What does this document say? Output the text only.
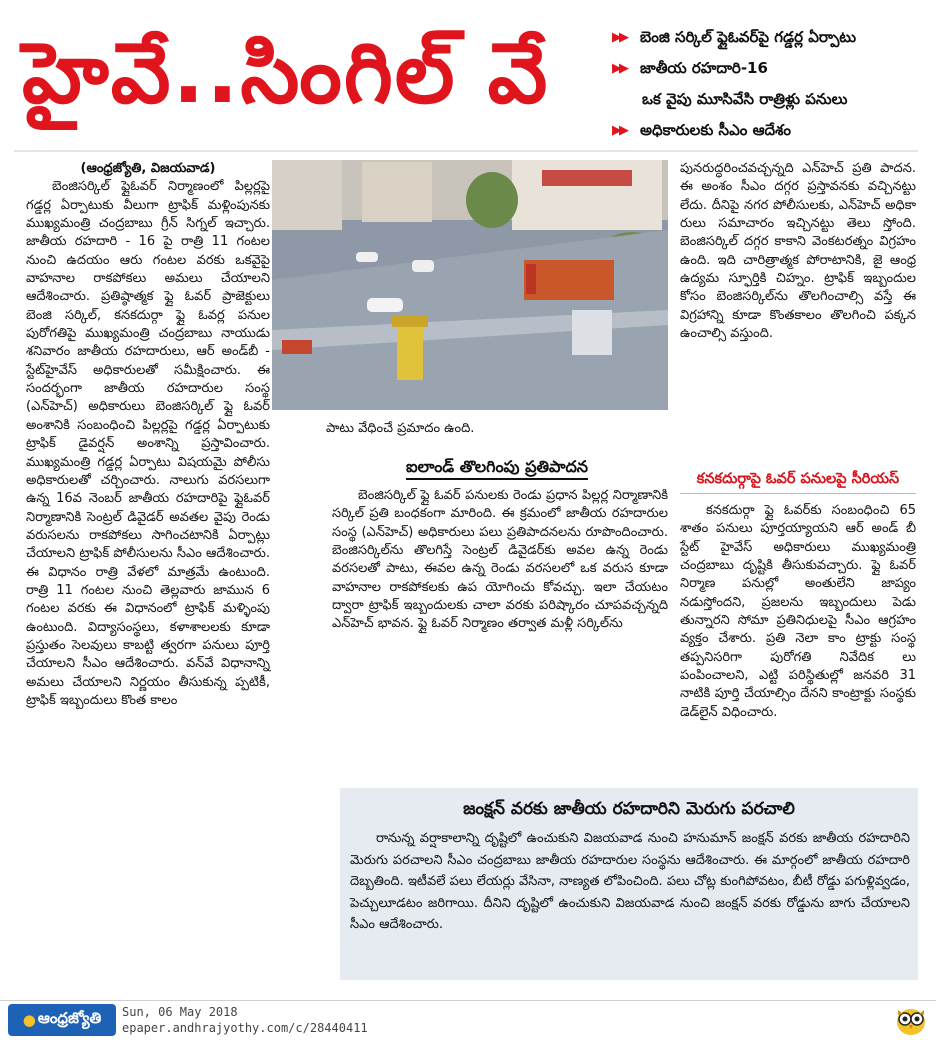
హైవే..సింగిల్‌ వే	▶▶ బెంజి సర్కిల్‌ ఫ్లైఓవర్‌పై గడ్డర్ల ఏర్పాటు
▶▶ జాతీయ రహదారి-16
ఒక వైపు మూసివేసి రాత్రిళ్లు పనులు
▶▶ అధికారులకు సీఎం ఆదేశం
(ఆంధ్రజ్యోతి, విజయవాడ)

బెంజిసర్కిల్‌ ఫ్లైఓవర్‌ నిర్మాణంలో పిల్లర్లపై గడ్డర్ల ఏర్పాటుకు వీలుగా ట్రాఫిక్‌ మళ్లింపునకు ముఖ్యమంత్రి చంద్రబాబు గ్రీన్‌ సిగ్నల్‌ ఇచ్చారు. జాతీయ రహదారి - 16 పై రాత్రి 11 గంటల నుంచి ఉదయం ఆరు గంటల వరకు ఒకవైపై వాహనాల రాకపోకలు అమలు చేయాలని ఆదేశించారు. ప్రతిష్ఠాత్మక ఫ్లై ఓవర్‌ ప్రాజెక్టులు బెంజి సర్కిల్‌, కనకదుర్గా ఫ్లై ఓవర్ల పనుల పురోగతిపై ముఖ్యమంత్రి చంద్రబాబు నాయుడు శనివారం జాతీయ రహదారులు, ఆర్‌ అండ్‌బీ - స్టేట్‌హైవేస్‌ అధికారులతో సమీక్షించారు. ఈ సందర్భంగా జాతీయ రహదారుల సంస్థ (ఎన్‌హెచ్‌) అధికారులు బెంజిసర్కిల్‌ ఫ్లై ఓవర్‌ అంశానికి సంబంధించి పిల్లర్లపై గడ్డర్ల ఏర్పాటుకు ట్రాఫిక్‌ డైవర్షన్‌ అంశాన్ని ప్రస్తావించారు. ముఖ్యమంత్రి గడ్డర్ల ఏర్పాటు విషయమై పోలీసు అధికారులతో చర్చించారు. నాలుగు వరసలుగా ఉన్న 16వ నెంబర్‌ జాతీయ రహదారిపై ఫ్లైఓవర్‌ నిర్మాణానికి సెంట్రల్‌ డివైడర్‌ అవతల వైపు రెండు వరుసలను రాకపోకలు సాగించటానికి ఏర్పాట్లు చేయాలని ట్రాఫిక్‌ పోలీసులను సీఎం ఆదేశించారు. ఈ విధానం రాత్రి వేళలో మాత్రమే ఉంటుంది. రాత్రి 11 గంటల నుంచి తెల్లవారు జామున 6 గంటల వరకు ఈ విధానంలో ట్రాఫిక్‌ మళ్ళింపు ఉంటుంది. విద్యాసంస్థలు, కళాశాలలకు కూడా ప్రస్తుతం సెలవులు కాబట్టి త్వరగా పనులు పూర్తి చేయాలని సీఎం ఆదేశించారు. వన్‌వే విధానాన్ని అమలు చేయాలని నిర్ణయం తీసుకున్న ప్పటికీ, ట్రాఫిక్‌ ఇబ్బందులు కొంత కాలం

పాటు వేధించే ప్రమాదం ఉంది.

ఐలాండ్‌ తొలగింపు ప్రతిపాదన

బెంజిసర్కిల్‌ ఫ్లై ఓవర్‌ పనులకు రెండు ప్రధాన పిల్లర్ల నిర్మాణానికి సర్కిల్‌ ప్రతి బంధకంగా మారింది. ఈ క్రమంలో జాతీయ రహదారుల సంస్థ (ఎన్‌హెచ్‌) అధికారులు పలు ప్రతిపాదనలను రూపొందించారు. బెంజిసర్కిల్‌ను తొలగిస్తే సెంట్రల్‌ డివైడర్‌కు అవల ఉన్న రెండు వరసలతో పాటు, ఈవల ఉన్న రెండు వరసలలో ఒక వరుస కూడా వాహనాల రాకపోకలకు ఉప యోగించు కోవచ్చు. ఇలా చేయటం ద్వారా ట్రాఫిక్‌ ఇబ్బందులకు చాలా వరకు పరిష్కారం చూపవచ్చన్నది ఎన్‌హెచ్‌ భావన. ఫ్లై ఓవర్‌ నిర్మాణం తర్వాత మళ్లీ సర్కిల్‌ను

పునరుద్ధరించవచ్చన్నది ఎన్‌హెచ్‌ ప్రతి పాదన. ఈ అంశం సీఎం దగ్గర ప్రస్తావనకు వచ్చినట్టు లేదు. దీనిపై నగర పోలీసులకు, ఎన్‌హెచ్‌ అధికా రులు సమాచారం ఇచ్చినట్టు తెలు స్తోంది. బెంజిసర్కిల్‌ దగ్గర కాకాని వెంకటరత్నం విగ్రహం ఉంది. ఇది చారిత్రాత్మక పోరాటానికి, జై ఆంధ్ర ఉద్యమ స్ఫూర్తికి చిహ్నం. ట్రాఫిక్‌ ఇబ్బందుల కోసం బెంజిసర్కిల్‌ను తొలగించాల్సి వస్తే ఈ విగ్రహాన్ని కూడా కొంతకాలం తొలగించి పక్కన ఉంచాల్సి వస్తుంది.

కనకదుర్గాపై ఓవర్‌ పనులపై సీరియస్‌

కనకదుర్గా ఫ్లై ఓవర్‌కు సంబంధించి 65 శాతం పనులు పూర్తయ్యాయని ఆర్‌ అండ్‌ బీ స్టేట్‌ హైవేస్‌ అధికారులు ముఖ్యమంత్రి చంద్రబాబు దృష్టికి తీసుకువచ్చారు. ఫ్లై ఓవర్‌ నిర్మాణ పనుల్లో అంతులేని జాప్యం నడుస్తోందని, ప్రజలను ఇబ్బందులు పెడు తున్నారని సోమా ప్రతినిధులపై సీఎం ఆగ్రహం వ్యక్తం చేశారు. ప్రతి నెలా కాం ట్రాక్టు సంస్థ తప్పనిసరిగా పురోగతి నివేదిక లు పంపించాలని, ఎట్టి పరిస్థితుల్లో జనవరి 31 నాటికి పూర్తి చేయాల్సిం దేనని కాంట్రాక్టు సంస్థకు డెడ్‌లైన్‌ విధించారు.

జంక్షన్‌ వరకు జాతీయ రహదారిని మెరుగు పరచాలి

రానున్న వర్షాకాలాన్ని దృష్టిలో ఉంచుకుని విజయవాడ నుంచి హనుమాన్‌ జంక్షన్‌ వరకు జాతీయ రహదారిని మెరుగు పరచాలని సీఎం చంద్రబాబు జాతీయ రహదారుల సంస్థను ఆదేశించారు. ఈ మార్గంలో జాతీయ రహదారి దెబ్బతింది. ఇటీవలే పలు లేయర్లు వేసినా, నాణ్యత లోపించింది. పలు చోట్ల కుంగిపోవటం, బీటీ రోడ్డు పగుళ్లివ్వడం, పెచ్చులూడటం జరిగాయి. దీనిని దృష్టిలో ఉంచుకుని విజయవాడ నుంచి జంక్షన్‌ వరకు రోడ్డును బాగు చేయాలని సీఎం ఆదేశించారు.

● ఆంధ్రజ్యోతి Sun, 06 May 2018
epaper.andhrajyothy.com/c/28440411
